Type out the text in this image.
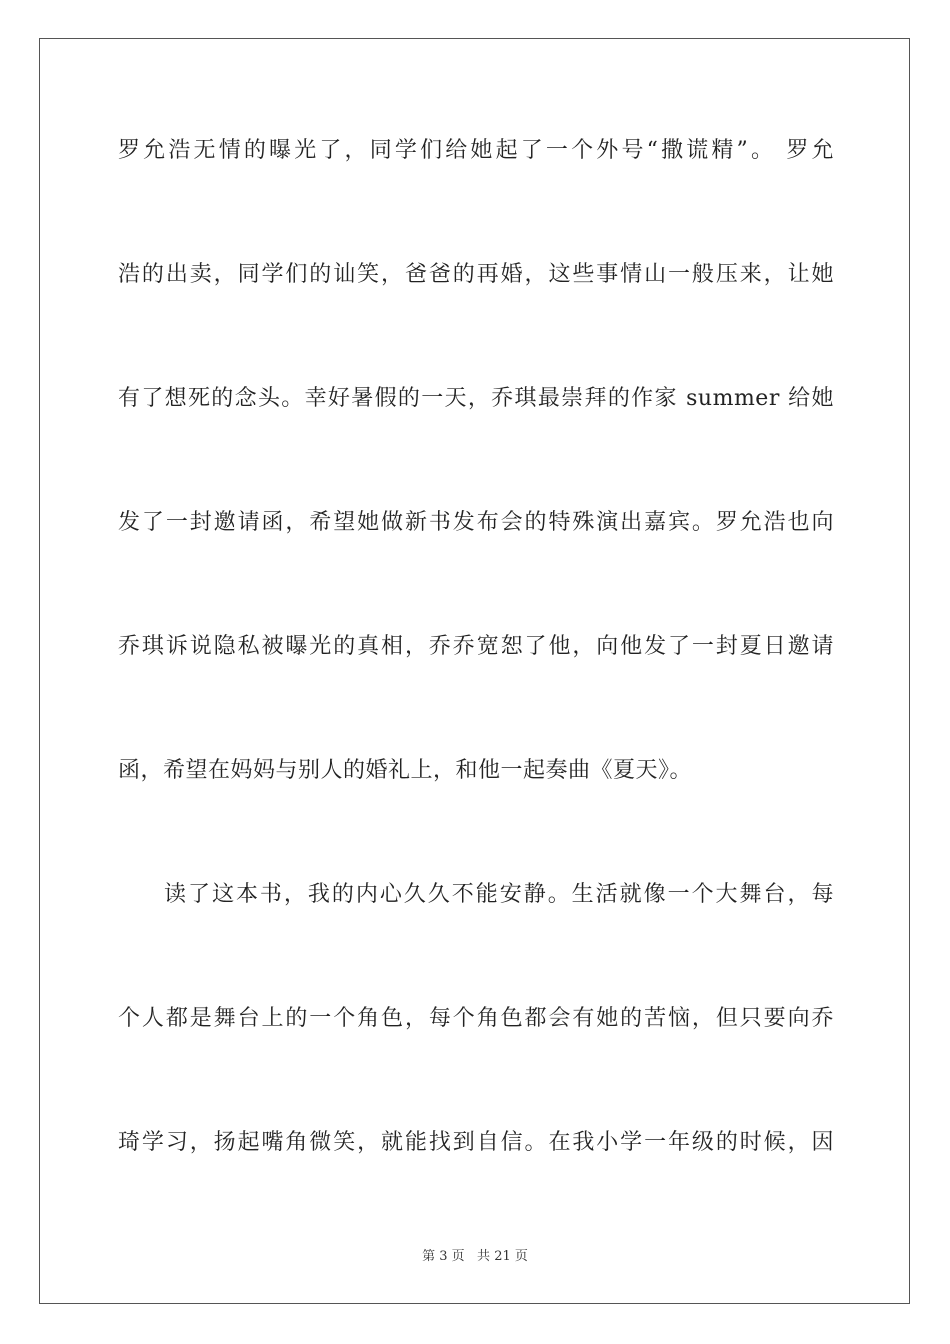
罗允浩无情的曝光了，同学们给她起了一个外号“撒谎精”。 罗允
浩的出卖，同学们的讪笑，爸爸的再婚，这些事情山一般压来，让她
有了想死的念头。幸好暑假的一天，乔琪最崇拜的作家 summer 给她
发了一封邀请函，希望她做新书发布会的特殊演出嘉宾。罗允浩也向
乔琪诉说隐私被曝光的真相，乔乔宽恕了他，向他发了一封夏日邀请
函，希望在妈妈与别人的婚礼上，和他一起奏曲《夏天》。
读了这本书，我的内心久久不能安静。生活就像一个大舞台，每
个人都是舞台上的一个角色，每个角色都会有她的苦恼，但只要向乔
琦学习，扬起嘴角微笑，就能找到自信。在我小学一年级的时候，因
第 3 页   共 21 页
